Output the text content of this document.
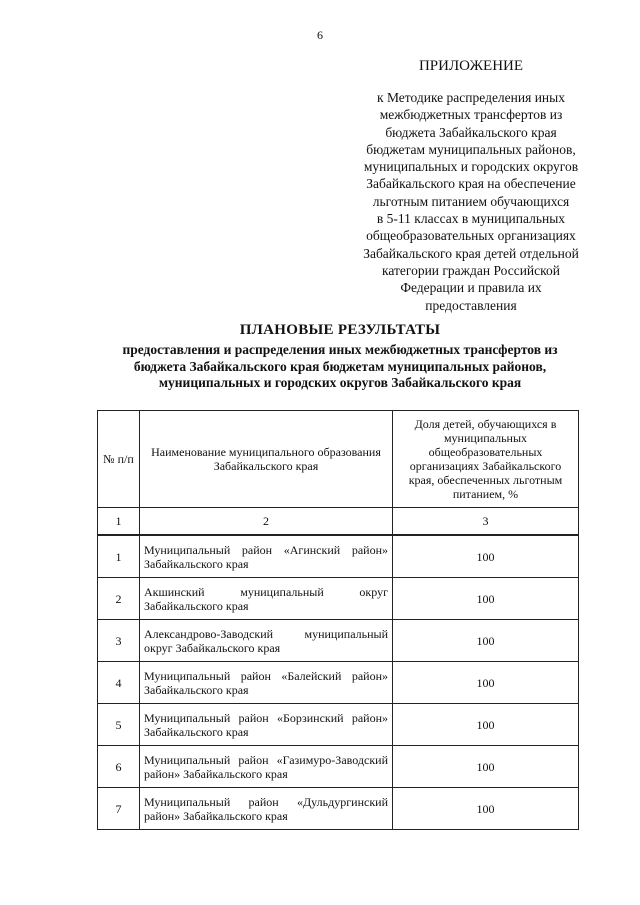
6
ПРИЛОЖЕНИЕ
к Методике распределения иных
межбюджетных трансфертов из
бюджета Забайкальского края
бюджетам муниципальных районов,
муниципальных и городских округов
Забайкальского края на обеспечение
льготным питанием обучающихся
в 5-11 классах в муниципальных
общеобразовательных организациях
Забайкальского края детей отдельной
категории граждан Российской
Федерации и правила их
предоставления
ПЛАНОВЫЕ РЕЗУЛЬТАТЫ
предоставления и распределения иных межбюджетных трансфертов из
бюджета Забайкальского края бюджетам муниципальных районов,
муниципальных и городских округов Забайкальского края
№ п/п	Наименование муниципального образования Забайкальского края	Доля детей, обучающихся в муниципальных общеобразовательных организациях Забайкальского края, обеспеченных льготным питанием, %
1	2	3
1	Муниципальный район «Агинский район» Забайкальского края	100
2	Акшинский муниципальный округ Забайкальского края	100
3	Александрово-Заводский муниципальный округ Забайкальского края	100
4	Муниципальный район «Балейский район» Забайкальского края	100
5	Муниципальный район «Борзинский район» Забайкальского края	100
6	Муниципальный район «Газимуро-Заводский район» Забайкальского края	100
7	Муниципальный район «Дульдургинский район» Забайкальского края	100
